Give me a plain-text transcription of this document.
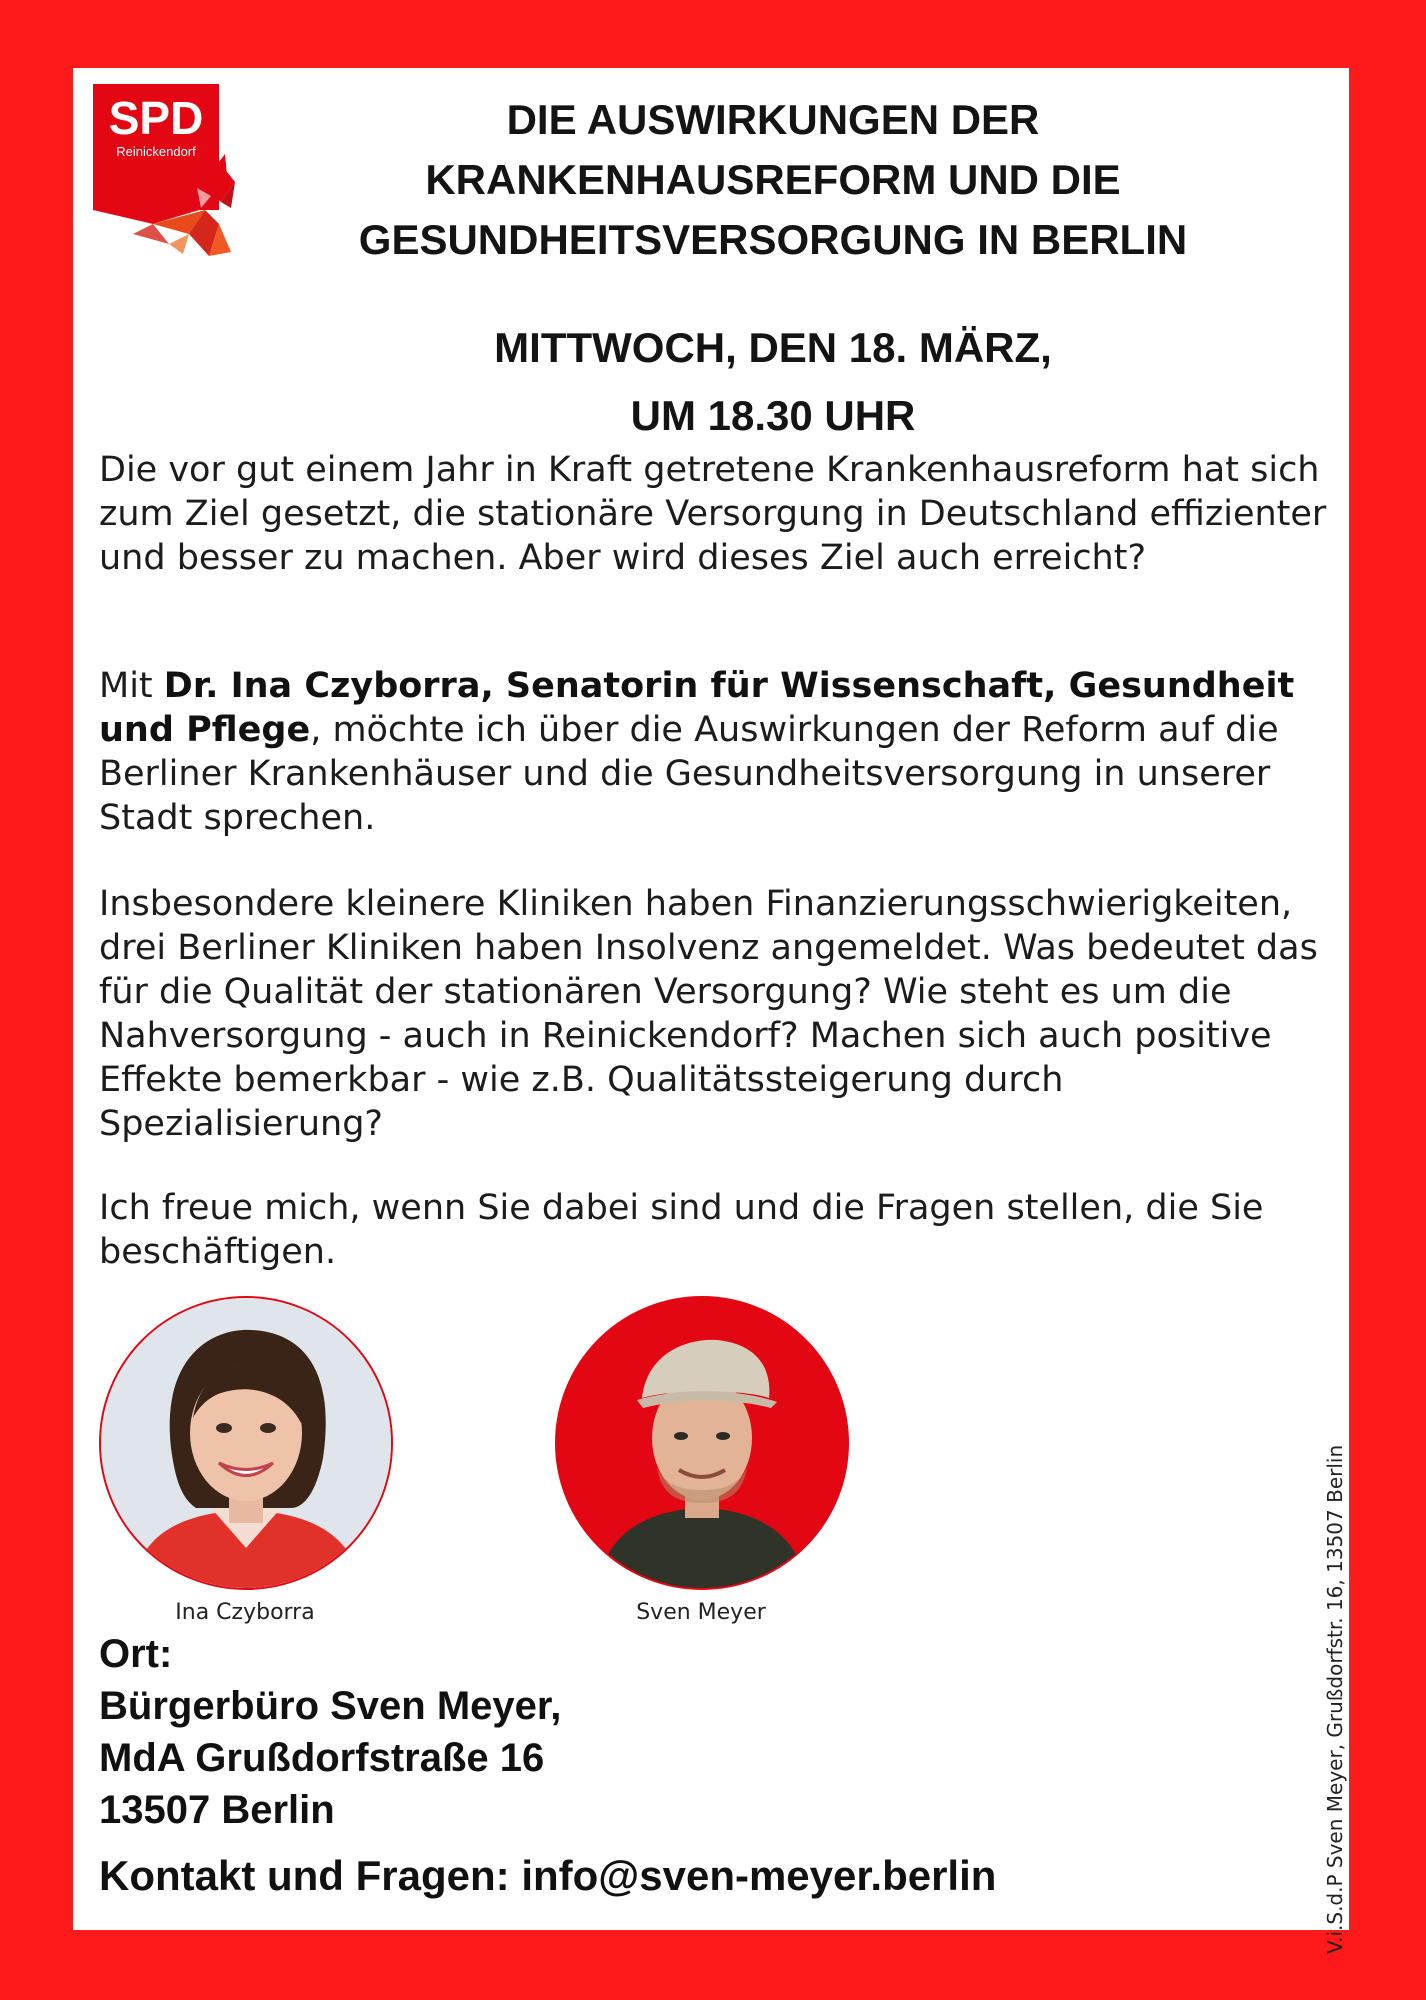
SPD
Reinickendorf
DIE AUSWIRKUNGEN DER
KRANKENHAUSREFORM UND DIE
GESUNDHEITSVERSORGUNG IN BERLIN
MITTWOCH, DEN 18. MÄRZ,
UM 18.30 UHR

Die vor gut einem Jahr in Kraft getretene Krankenhausreform hat sich zum Ziel gesetzt, die stationäre Versorgung in Deutschland effizienter und besser zu machen. Aber wird dieses Ziel auch erreicht?

Mit Dr. Ina Czyborra, Senatorin für Wissenschaft, Gesundheit und Pflege, möchte ich über die Auswirkungen der Reform auf die Berliner Krankenhäuser und die Gesundheitsversorgung in unserer Stadt sprechen.

Insbesondere kleinere Kliniken haben Finanzierungsschwierigkeiten, drei Berliner Kliniken haben Insolvenz angemeldet. Was bedeutet das für die Qualität der stationären Versorgung? Wie steht es um die Nahversorgung - auch in Reinickendorf? Machen sich auch positive Effekte bemerkbar - wie z.B. Qualitätssteigerung durch Spezialisierung?

Ich freue mich, wenn Sie dabei sind und die Fragen stellen, die Sie beschäftigen.

Ina Czyborra	Sven Meyer
Ort:
Bürgerbüro Sven Meyer,
MdA Grußdorfstraße 16
13507 Berlin
Kontakt und Fragen: info@sven-meyer.berlin	V.i.S.d.P Sven Meyer, Grußdorfstr. 16, 13507 Berlin
